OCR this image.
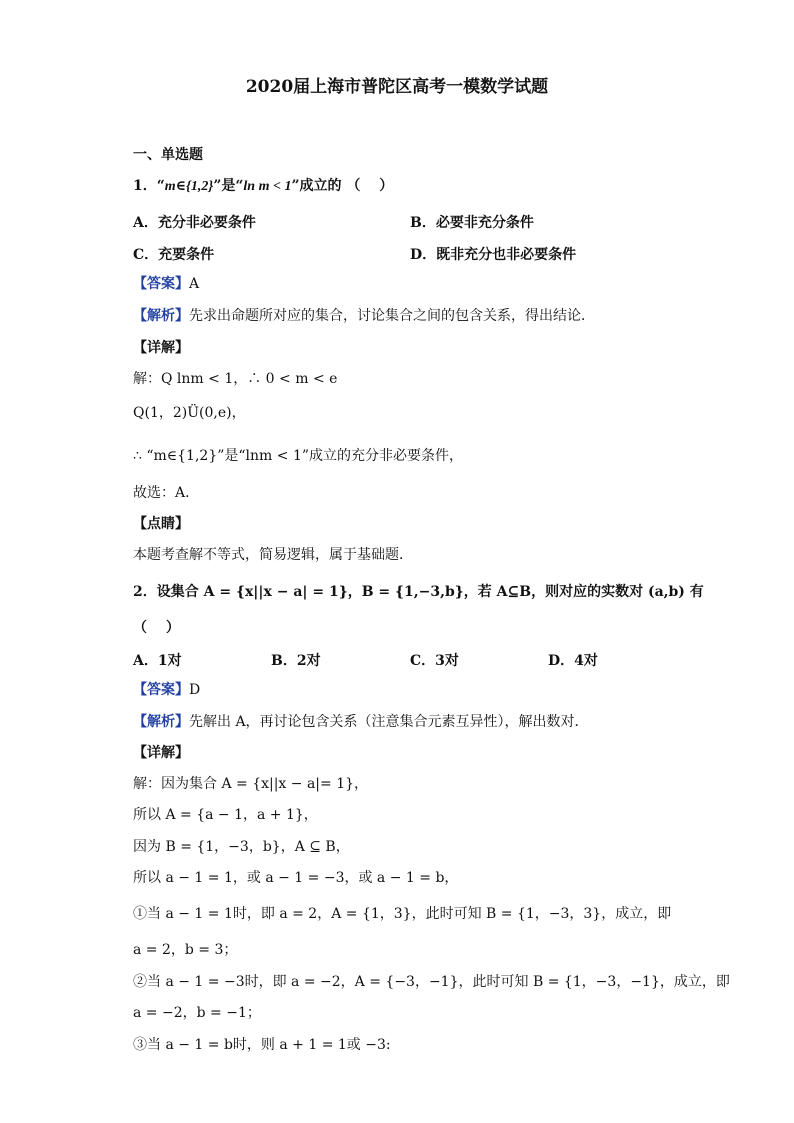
2020届上海市普陀区高考一模数学试题
一、单选题
1．“m∈{1,2}”是“ln m < 1”成立的 （　 ）
A．充分非必要条件	B．必要非充分条件
C．充要条件	D．既非充分也非必要条件
【答案】A
【解析】先求出命题所对应的集合，讨论集合之间的包含关系，得出结论．
【详解】
解：Q lnm < 1，∴ 0 < m < e
Q(1，2)Ü(0,e)，
∴ “m∈{1,2}”是“lnm < 1”成立的充分非必要条件，
故选：A．
【点睛】
本题考查解不等式，简易逻辑，属于基础题．
2．设集合 A = {x||x − a| = 1}，B = {1,−3,b}，若 A⊆B，则对应的实数对 (a,b) 有
（　 ）
A．1对	B．2对	C．3对	D．4对
【答案】D
【解析】先解出 A，再讨论包含关系（注意集合元素互异性），解出数对．
【详解】
解：因为集合 A = {x||x − a|= 1}，
所以 A = {a − 1，a + 1}，
因为 B = {1，−3，b}，A ⊆ B，
所以 a − 1 = 1，或 a − 1 = −3，或 a − 1 = b，
①当 a − 1 = 1时，即 a = 2，A = {1，3}，此时可知 B = {1，−3，3}，成立，即
a = 2，b = 3；
②当 a − 1 = −3时，即 a = −2，A = {−3，−1}，此时可知 B = {1，−3，−1}，成立，即
a = −2，b = −1；
③当 a − 1 = b时，则 a + 1 = 1或 −3:
